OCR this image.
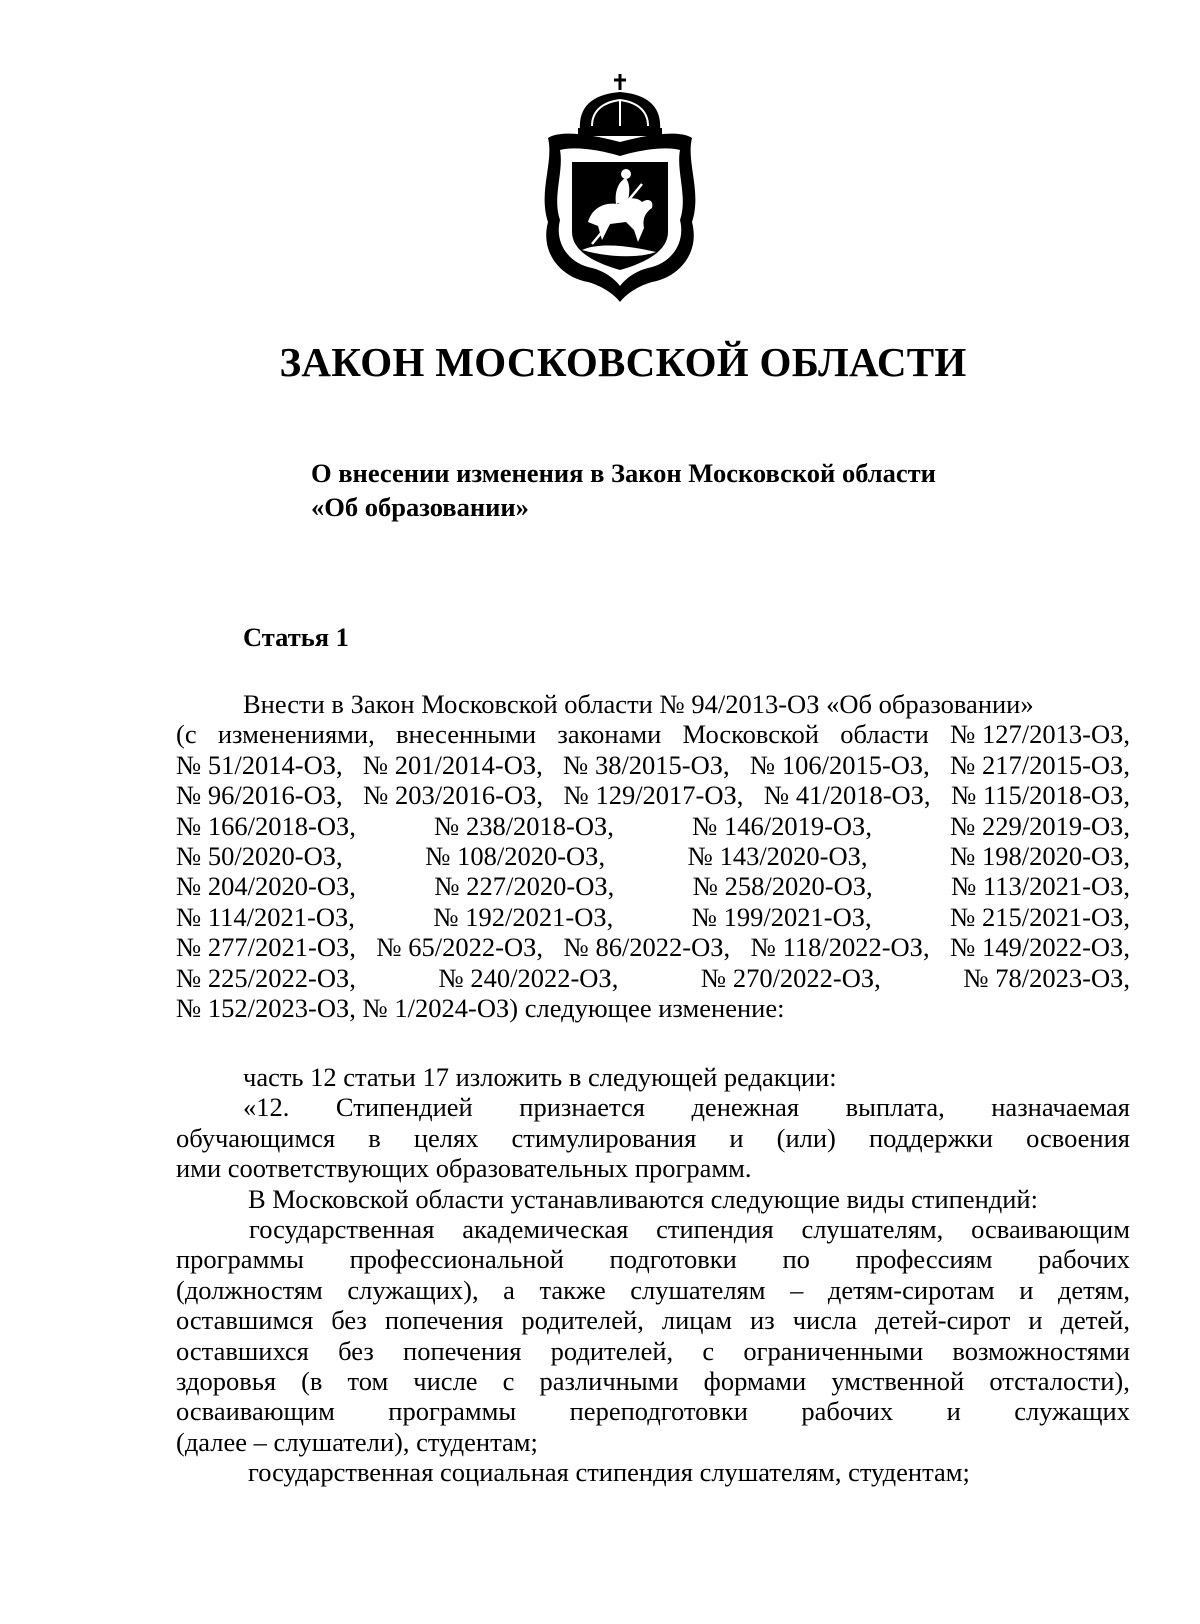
ЗАКОН МОСКОВСКОЙ ОБЛАСТИ
О внесении изменения в Закон Московской области
«Об образовании»
Статья 1
Внести в Закон Московской области № 94/2013-ОЗ «Об образовании»
(с изменениями, внесенными законами Московской области № 127/2013-ОЗ,
№ 51/2014-ОЗ, № 201/2014-ОЗ, № 38/2015-ОЗ, № 106/2015-ОЗ, № 217/2015-ОЗ,
№ 96/2016-ОЗ, № 203/2016-ОЗ, № 129/2017-ОЗ, № 41/2018-ОЗ, № 115/2018-ОЗ,
№ 166/2018-ОЗ,	№ 238/2018-ОЗ,	№ 146/2019-ОЗ,	№ 229/2019-ОЗ,
№ 50/2020-ОЗ,	№ 108/2020-ОЗ,	№ 143/2020-ОЗ,	№ 198/2020-ОЗ,
№ 204/2020-ОЗ,	№ 227/2020-ОЗ,	№ 258/2020-ОЗ,	№ 113/2021-ОЗ,
№ 114/2021-ОЗ,	№ 192/2021-ОЗ,	№ 199/2021-ОЗ,	№ 215/2021-ОЗ,
№ 277/2021-ОЗ, № 65/2022-ОЗ, № 86/2022-ОЗ, № 118/2022-ОЗ, № 149/2022-ОЗ,
№ 225/2022-ОЗ,	№ 240/2022-ОЗ,	№ 270/2022-ОЗ,	№ 78/2023-ОЗ,
№ 152/2023-ОЗ, № 1/2024-ОЗ) следующее изменение:
часть 12 статьи 17 изложить в следующей редакции:
«12. Стипендией признается денежная выплата, назначаемая
обучающимся в целях стимулирования и (или) поддержки освоения
ими соответствующих образовательных программ.
В Московской области устанавливаются следующие виды стипендий:
государственная академическая стипендия слушателям, осваивающим
программы профессиональной подготовки по профессиям рабочих
(должностям служащих), а также слушателям – детям-сиротам и детям,
оставшимся без попечения родителей, лицам из числа детей-сирот и детей,
оставшихся без попечения родителей, с ограниченными возможностями
здоровья (в том числе с различными формами умственной отсталости),
осваивающим программы переподготовки рабочих и служащих
(далее – слушатели), студентам;
государственная социальная стипендия слушателям, студентам;
